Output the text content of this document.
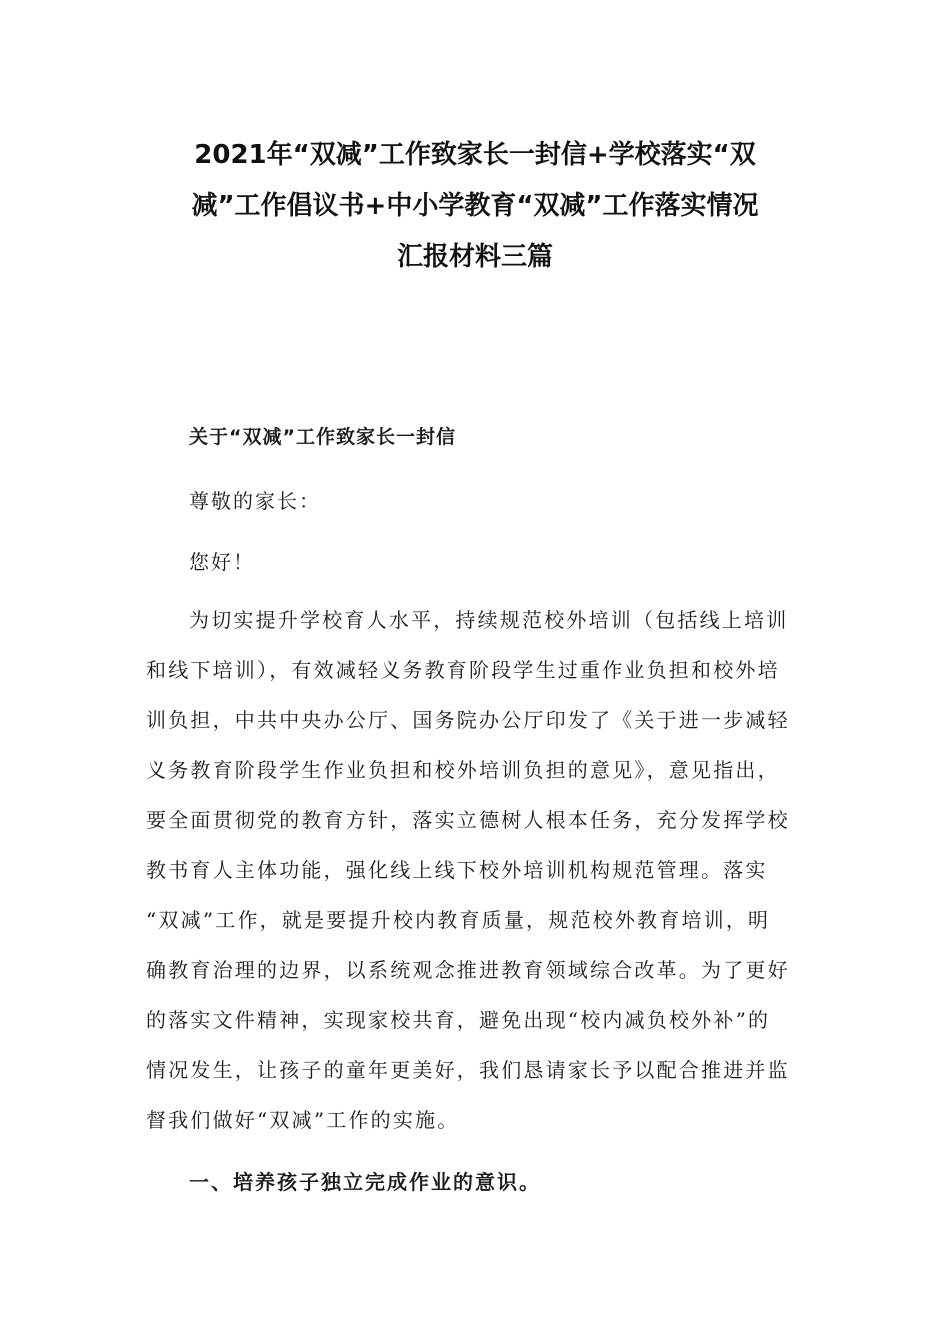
2021年“双减”工作致家长一封信+学校落实“双
减”工作倡议书+中小学教育“双减”工作落实情况
汇报材料三篇
关于“双减”工作致家长一封信

尊敬的家长：

您好！

为切实提升学校育人水平，持续规范校外培训（包括线上培训
和线下培训），有效减轻义务教育阶段学生过重作业负担和校外培
训负担，中共中央办公厅、国务院办公厅印发了《关于进一步减轻
义务教育阶段学生作业负担和校外培训负担的意见》，意见指出，
要全面贯彻党的教育方针，落实立德树人根本任务，充分发挥学校
教书育人主体功能，强化线上线下校外培训机构规范管理。落实
“双减”工作，就是要提升校内教育质量，规范校外教育培训，明
确教育治理的边界，以系统观念推进教育领域综合改革。为了更好
的落实文件精神，实现家校共育，避免出现“校内减负校外补”的
情况发生，让孩子的童年更美好，我们恳请家长予以配合推进并监
督我们做好“双减”工作的实施。
一、培养孩子独立完成作业的意识。
